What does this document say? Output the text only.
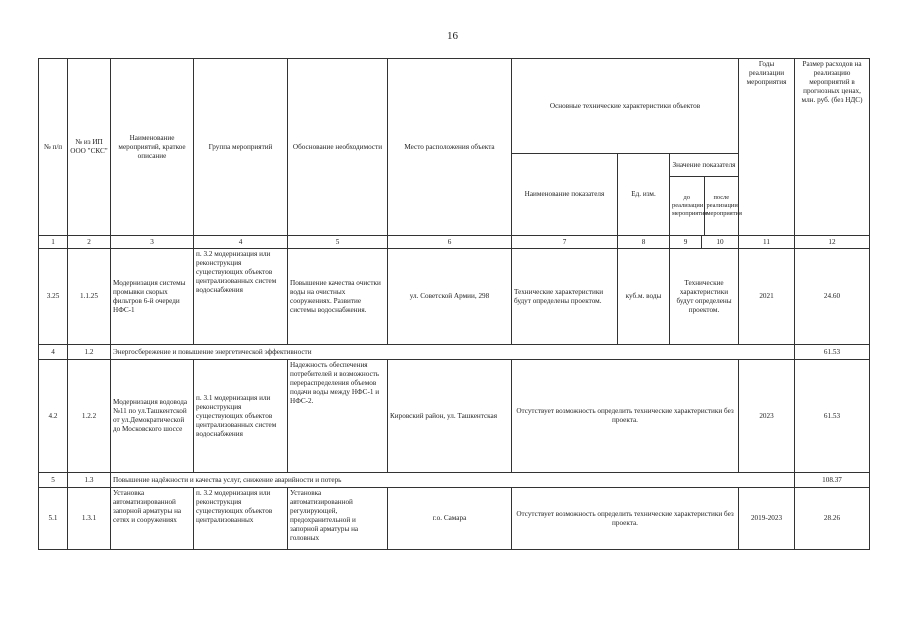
16
№ п/п	№ из ИП ООО "СКС"	Наименование мероприятий, краткое описание	Группа мероприятий	Обоснование необходимости	Место расположения объекта	Основные технические характеристики объектов	Годы реализации мероприятия	Размер расходов на реализацию мероприятий в прогнозных ценах, млн. руб. (без НДС)
Наименование показателя	Ед. изм.	
Значение показателя
до реализации мероприятия	после реализации мероприятия

1	2	3	4	5	6	7	8	9	10	11	12
3.25	1.1.25	Модернизация системы промывки скорых фильтров 6-й очереди НФС-1	п. 3.2 модернизация или реконструкция существующих объектов централизованных систем водоснабжения	Повышение качества очистки воды на очистных сооружениях. Развитие системы водоснабжения.	ул. Советской Армии, 298	Технические характеристики будут определены проектом.	куб.м. воды	Технические характеристики будут определены проектом.	2021	24.60
4	1.2	Энергосбережение и повышение энергетической эффективности	61.53
4.2	1.2.2	Модернизация водовода №11 по ул.Ташкентской от ул.Демократической до Московского шоссе	п. 3.1 модернизация или реконструкция существующих объектов централизованных систем водоснабжения	Надежность обеспечения потребителей и возможность перераспределения объемов подачи воды между НФС-1 и НФС-2.	Кировский район, ул. Ташкентская	Отсутствует возможность определить технические характеристики без проекта.	2023	61.53
5	1.3	Повышение надёжности и качества услуг, снижение аварийности и потерь	108.37
5.1	1.3.1	Установка автоматизированной запорной арматуры на сетях и сооружениях	п. 3.2 модернизация или реконструкция существующих объектов централизованных	Установка автоматизированной регулирующей, предохранительной и запорной арматуры на головных	г.о. Самара	Отсутствует возможность определить технические характеристики без проекта.	2019-2023	28.26
